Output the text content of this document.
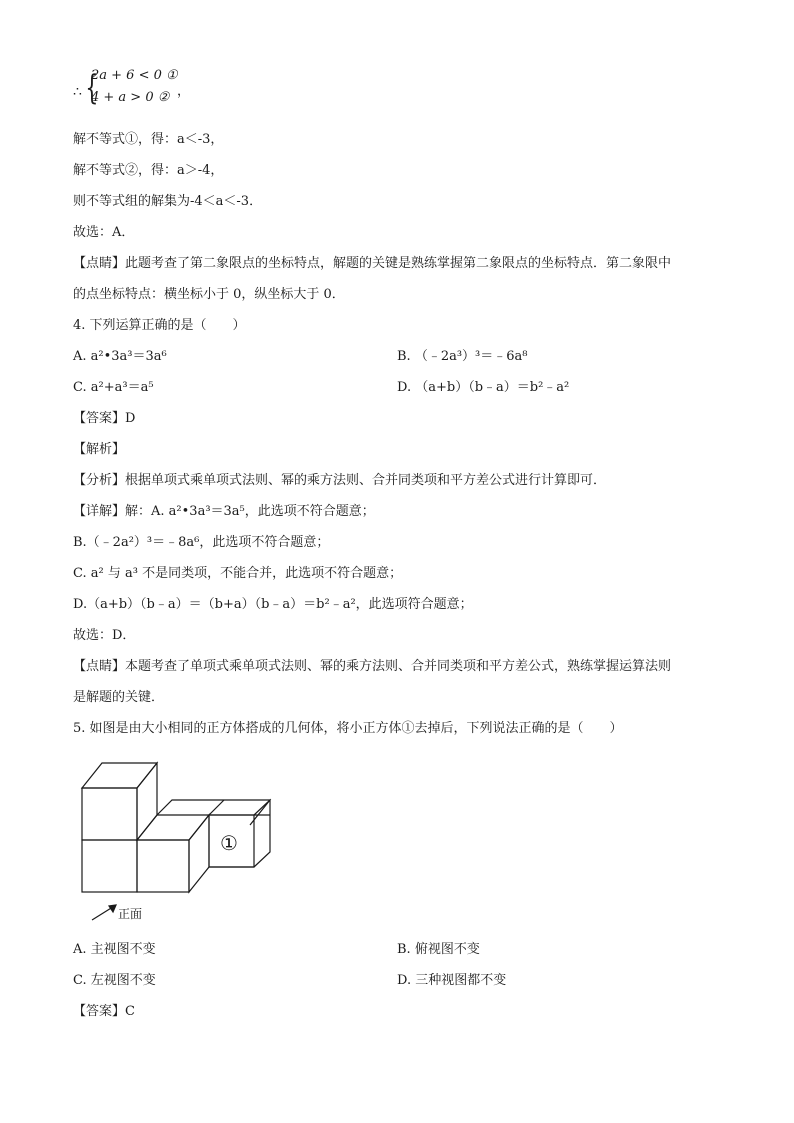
∴ {
2a + 6 < 0 ①
4 + a > 0 ② ，
解不等式①，得：a＜-3，
解不等式②，得：a＞-4，
则不等式组的解集为-4＜a＜-3．
故选：A．
【点睛】此题考查了第二象限点的坐标特点，解题的关键是熟练掌握第二象限点的坐标特点．第二象限中
的点坐标特点：横坐标小于 0，纵坐标大于 0．
4. 下列运算正确的是（　　）
A. a²•3a³＝3a⁶	B. （﹣2a³）³＝﹣6a⁸
C. a²+a³＝a⁵	D. （a+b）（b﹣a）＝b²﹣a²
【答案】D
【解析】
【分析】根据单项式乘单项式法则、幂的乘方法则、合并同类项和平方差公式进行计算即可．
【详解】解：A. a²•3a³＝3a⁵，此选项不符合题意；
B.（﹣2a²）³＝﹣8a⁶，此选项不符合题意；
C. a² 与 a³ 不是同类项，不能合并，此选项不符合题意；
D.（a+b）（b﹣a）＝（b+a）（b﹣a）＝b²﹣a²，此选项符合题意；
故选：D．
【点睛】本题考查了单项式乘单项式法则、幂的乘方法则、合并同类项和平方差公式，熟练掌握运算法则
是解题的关键．
5. 如图是由大小相同的正方体搭成的几何体，将小正方体①去掉后，下列说法正确的是（　　）
①
正面
A. 主视图不变	B. 俯视图不变
C. 左视图不变	D. 三种视图都不变
【答案】C
